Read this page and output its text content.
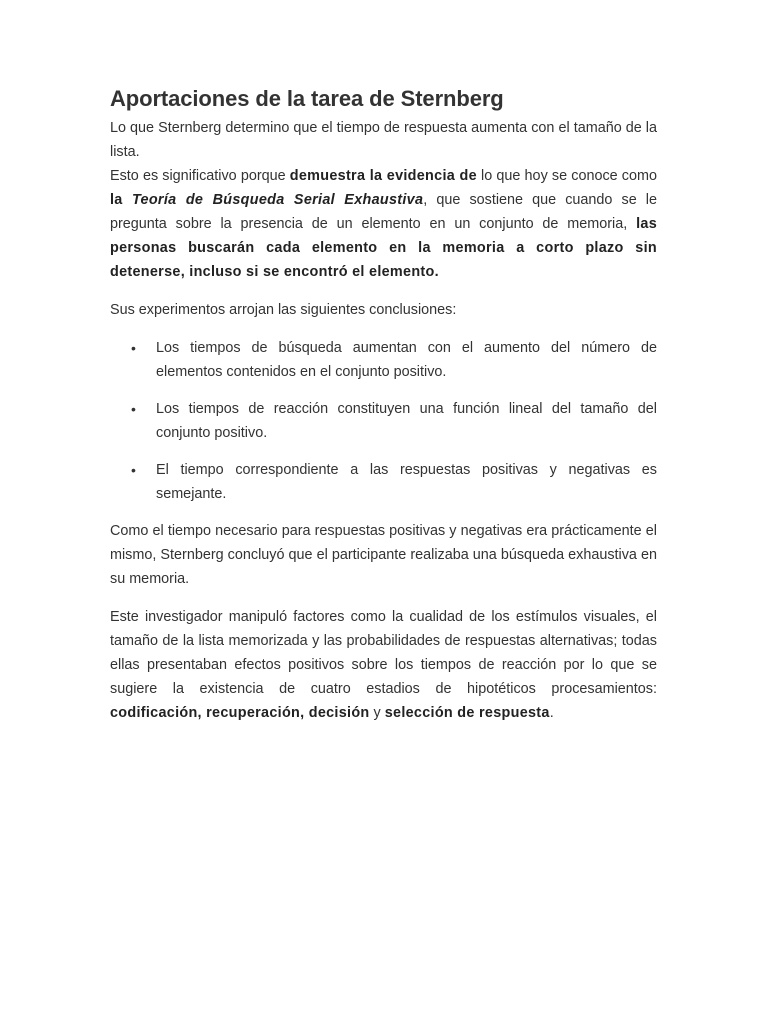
Aportaciones de la tarea de Sternberg

Lo que Sternberg determino que el tiempo de respuesta aumenta con el tamaño de la lista.

Esto es significativo porque demuestra la evidencia de lo que hoy se conoce como la Teoría de Búsqueda Serial Exhaustiva, que sostiene que cuando se le pregunta sobre la presencia de un elemento en un conjunto de memoria, las personas buscarán cada elemento en la memoria a corto plazo sin detenerse, incluso si se encontró el elemento.

Sus experimentos arrojan las siguientes conclusiones:

• Los tiempos de búsqueda aumentan con el aumento del número de elementos contenidos en el conjunto positivo.
• Los tiempos de reacción constituyen una función lineal del tamaño del conjunto positivo.
• El tiempo correspondiente a las respuestas positivas y negativas es semejante.

Como el tiempo necesario para respuestas positivas y negativas era prácticamente el mismo, Sternberg concluyó que el participante realizaba una búsqueda exhaustiva en su memoria.

Este investigador manipuló factores como la cualidad de los estímulos visuales, el tamaño de la lista memorizada y las probabilidades de respuestas alternativas; todas ellas presentaban efectos positivos sobre los tiempos de reacción por lo que se sugiere la existencia de cuatro estadios de hipotéticos procesamientos: codificación, recuperación, decisión y selección de respuesta.
